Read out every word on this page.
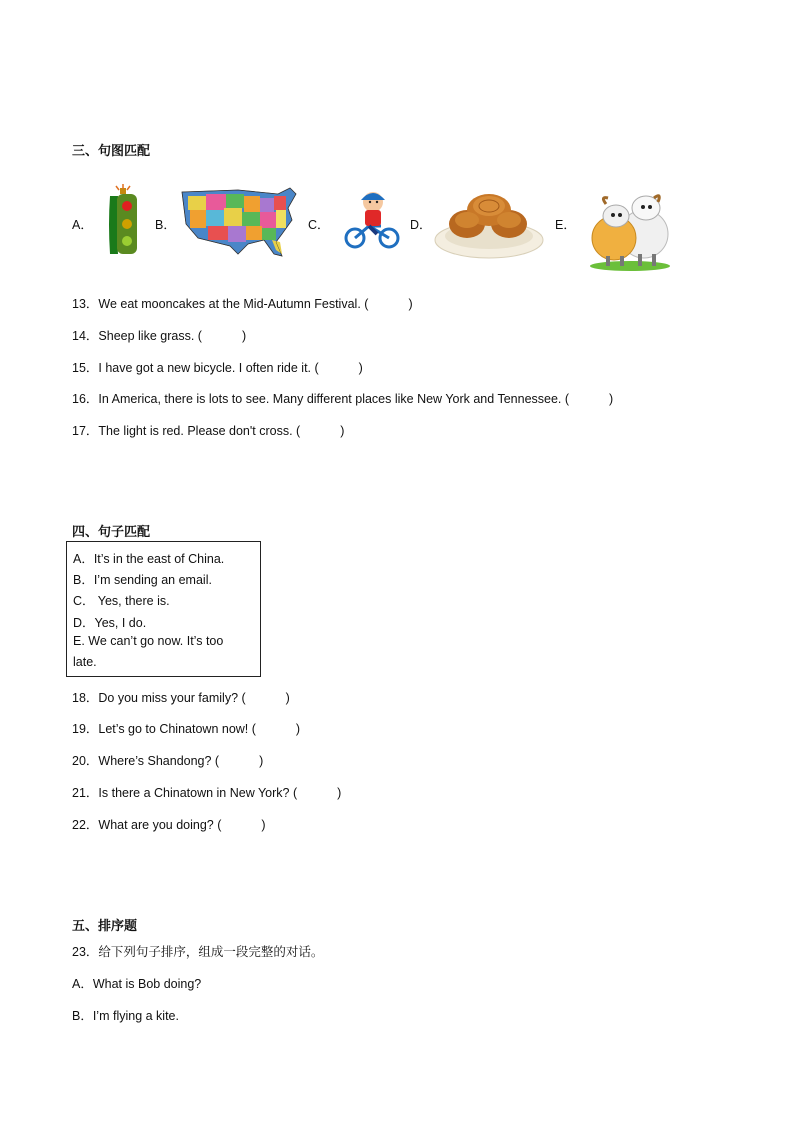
三、句图匹配
A．	B．	C．	D．	E．
13．We eat mooncakes at the Mid-Autumn Festival. (	)
14．Sheep like grass. (	)
15．I have got a new bicycle. I often ride it. (	)
16．In America, there is lots to see. Many different places like New York and Tennessee. (	)
17．The light is red. Please don't cross. (	)
四、句子匹配
A．It’s in the east of China.
B．I’m sending an email.
C． Yes, there is.
D．Yes, I do.
E. We can’t go now. It’s too
late.
18．Do you miss your family? (	)
19．Let’s go to Chinatown now! (	)
20．Where’s Shandong? (	)
21．Is there a Chinatown in New York? (	)
22．What are you doing? (	)
五、排序题
23．给下列句子排序，组成一段完整的对话。
A．What is Bob doing?
B．I’m flying a kite.
